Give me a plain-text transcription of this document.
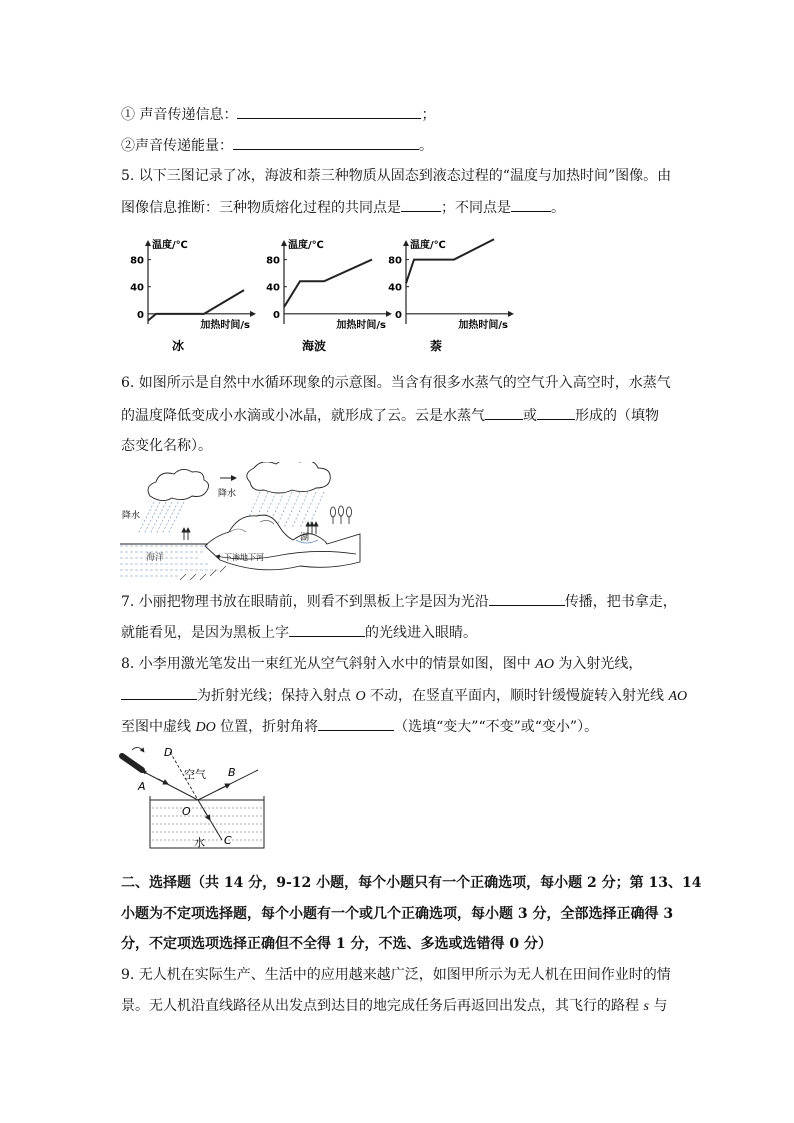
① 声音传递信息：	；
②声音传递能量：	。
5. 以下三图记录了冰，海波和萘三种物质从固态到液态过程的“温度与加热时间”图像。由
图像信息推断：三种物质熔化过程的共同点是	；不同点是	。
温度/℃
加热时间/s
80
40
0
温度/℃
加热时间/s
80
40
0
温度/℃
加热时间/s
80
40
0
冰	海波	萘
6. 如图所示是自然中水循环现象的示意图。当含有很多水蒸气的空气升入高空时，水蒸气
的温度降低变成小水滴或小冰晶，就形成了云。云是水蒸气	或	形成的（填物
态变化名称）。
降水
降水
海洋
湖
下渗地下河
7. 小丽把物理书放在眼睛前，则看不到黑板上字是因为光沿	传播，把书拿走，
就能看见，是因为黑板上字	的光线进入眼睛。
8. 小李用激光笔发出一束红光从空气斜射入水中的情景如图，图中 AO 为入射光线，
为折射光线；保持入射点 O 不动，在竖直平面内，顺时针缓慢旋转入射光线 AO
至图中虚线 DO 位置，折射角将	（选填“变大”“不变”或“变小”）。
D
A
B
O
C
空气
水
二、选择题（共 14 分，9-12 小题，每个小题只有一个正确选项，每小题 2 分；第 13、14
小题为不定项选择题，每个小题有一个或几个正确选项，每小题 3 分，全部选择正确得 3
分，不定项选项选择正确但不全得 1 分，不选、多选或选错得 0 分）
9. 无人机在实际生产、生活中的应用越来越广泛，如图甲所示为无人机在田间作业时的情
景。无人机沿直线路径从出发点到达目的地完成任务后再返回出发点，其飞行的路程 s 与
